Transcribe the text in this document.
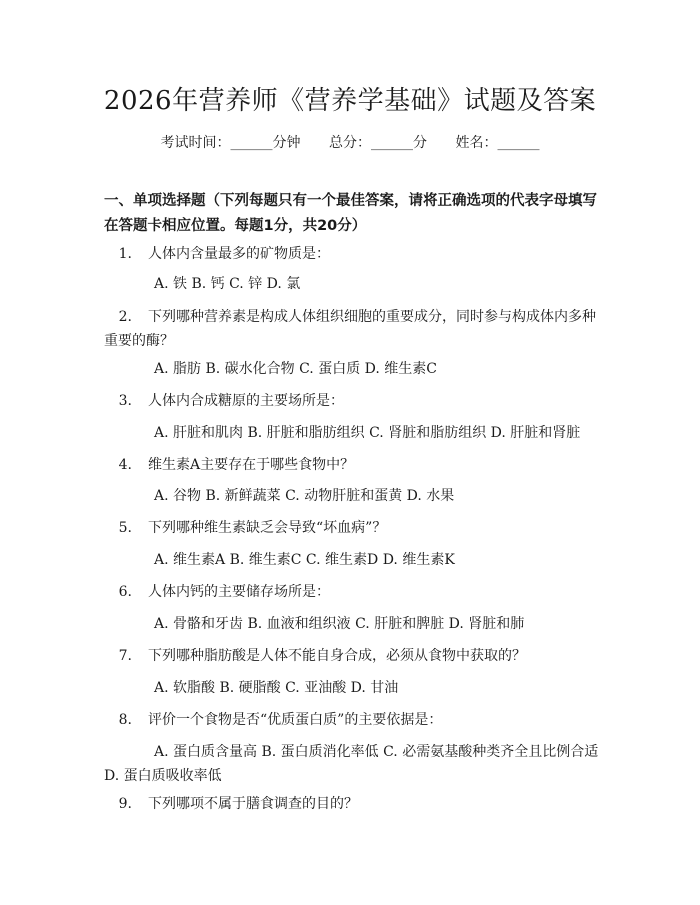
2026年营养师《营养学基础》试题及答案
考试时间：______分钟 总分：______分 姓名：______
一、单项选择题（下列每题只有一个最佳答案，请将正确选项的代表字母填写在答题卡相应位置。每题1分，共20分）
1. 人体内含量最多的矿物质是：
A. 铁 B. 钙 C. 锌 D. 氯
2. 下列哪种营养素是构成人体组织细胞的重要成分，同时参与构成体内多种重要的酶？
A. 脂肪 B. 碳水化合物 C. 蛋白质 D. 维生素C
3. 人体内合成糖原的主要场所是：
A. 肝脏和肌肉 B. 肝脏和脂肪组织 C. 肾脏和脂肪组织 D. 肝脏和肾脏
4. 维生素A主要存在于哪些食物中？
A. 谷物 B. 新鲜蔬菜 C. 动物肝脏和蛋黄 D. 水果
5. 下列哪种维生素缺乏会导致“坏血病”？
A. 维生素A B. 维生素C C. 维生素D D. 维生素K
6. 人体内钙的主要储存场所是：
A. 骨骼和牙齿 B. 血液和组织液 C. 肝脏和脾脏 D. 肾脏和肺
7. 下列哪种脂肪酸是人体不能自身合成，必须从食物中获取的？
A. 软脂酸 B. 硬脂酸 C. 亚油酸 D. 甘油
8. 评价一个食物是否“优质蛋白质”的主要依据是：
A. 蛋白质含量高 B. 蛋白质消化率低 C. 必需氨基酸种类齐全且比例合适 D. 蛋白质吸收率低
9. 下列哪项不属于膳食调查的目的？
